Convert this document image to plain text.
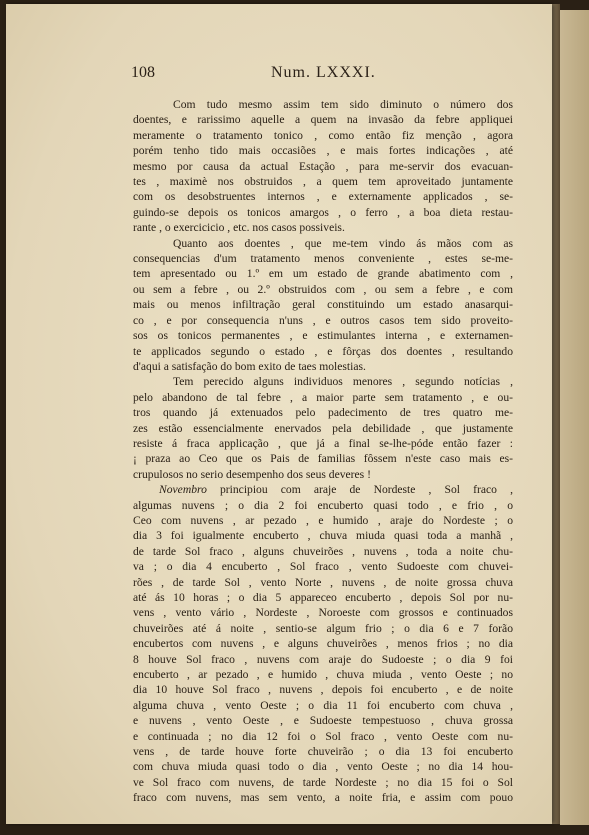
108	Num. LXXXI.
Com tudo mesmo assim tem sido diminuto o número dos
doentes, e rarissimo aquelle a quem na invasão da febre appliquei
meramente o tratamento tonico , como então fiz menção , agora
porém tenho tido mais occasiões , e mais fortes indicações , até
mesmo por causa da actual Estação , para me-servir dos evacuan-
tes , maximè nos obstruidos , a quem tem aproveitado juntamente
com os desobstruentes internos , e externamente applicados , se-
guindo-se depois os tonicos amargos , o ferro , a boa dieta restau-
rante , o exercicicio , etc. nos casos possiveis.
Quanto aos doentes , que me-tem vindo ás mãos com as
consequencias d'um tratamento menos conveniente , estes se-me-
tem apresentado ou 1.º em um estado de grande abatimento com ,
ou sem a febre , ou 2.º obstruidos com , ou sem a febre , e com
mais ou menos infiltração geral constituindo um estado anasarqui-
co , e por consequencia n'uns , e outros casos tem sido proveito-
sos os tonicos permanentes , e estimulantes interna , e externamen-
te applicados segundo o estado , e fôrças dos doentes , resultando
d'aqui a satisfação do bom exito de taes molestias.
Tem perecido alguns individuos menores , segundo notícias ,
pelo abandono de tal febre , a maior parte sem tratamento , e ou-
tros quando já extenuados pelo padecimento de tres quatro me-
zes estão essencialmente enervados pela debilidade , que justamente
resiste á fraca applicação , que já a final se-lhe-póde então fazer :
¡ praza ao Ceo que os Pais de familias fôssem n'este caso mais es-
crupulosos no serio desempenho dos seus deveres !
Novembro principiou com araje de Nordeste , Sol fraco ,
algumas nuvens ; o dia 2 foi encuberto quasi todo , e frio , o
Ceo com nuvens , ar pezado , e humido , araje do Nordeste ; o
dia 3 foi igualmente encuberto , chuva miuda quasi toda a manhã ,
de tarde Sol fraco , alguns chuveirões , nuvens , toda a noite chu-
va ; o dia 4 encuberto , Sol fraco , vento Sudoeste com chuvei-
rões , de tarde Sol , vento Norte , nuvens , de noite grossa chuva
até ás 10 horas ; o dia 5 appareceo encuberto , depois Sol por nu-
vens , vento vário , Nordeste , Noroeste com grossos e continuados
chuveirões até á noite , sentio-se algum frio ; o dia 6 e 7 forão
encubertos com nuvens , e alguns chuveirões , menos frios ; no dia
8 houve Sol fraco , nuvens com araje do Sudoeste ; o dia 9 foi
encuberto , ar pezado , e humido , chuva miuda , vento Oeste ; no
dia 10 houve Sol fraco , nuvens , depois foi encuberto , e de noite
alguma chuva , vento Oeste ; o dia 11 foi encuberto com chuva ,
e nuvens , vento Oeste , e Sudoeste tempestuoso , chuva grossa
e continuada ; no dia 12 foi o Sol fraco , vento Oeste com nu-
vens , de tarde houve forte chuveirão ; o dia 13 foi encuberto
com chuva miuda quasi todo o dia , vento Oeste ; no dia 14 hou-
ve Sol fraco com nuvens, de tarde Nordeste ; no dia 15 foi o Sol
fraco com nuvens, mas sem vento, a noite fria, e assim com pouo
